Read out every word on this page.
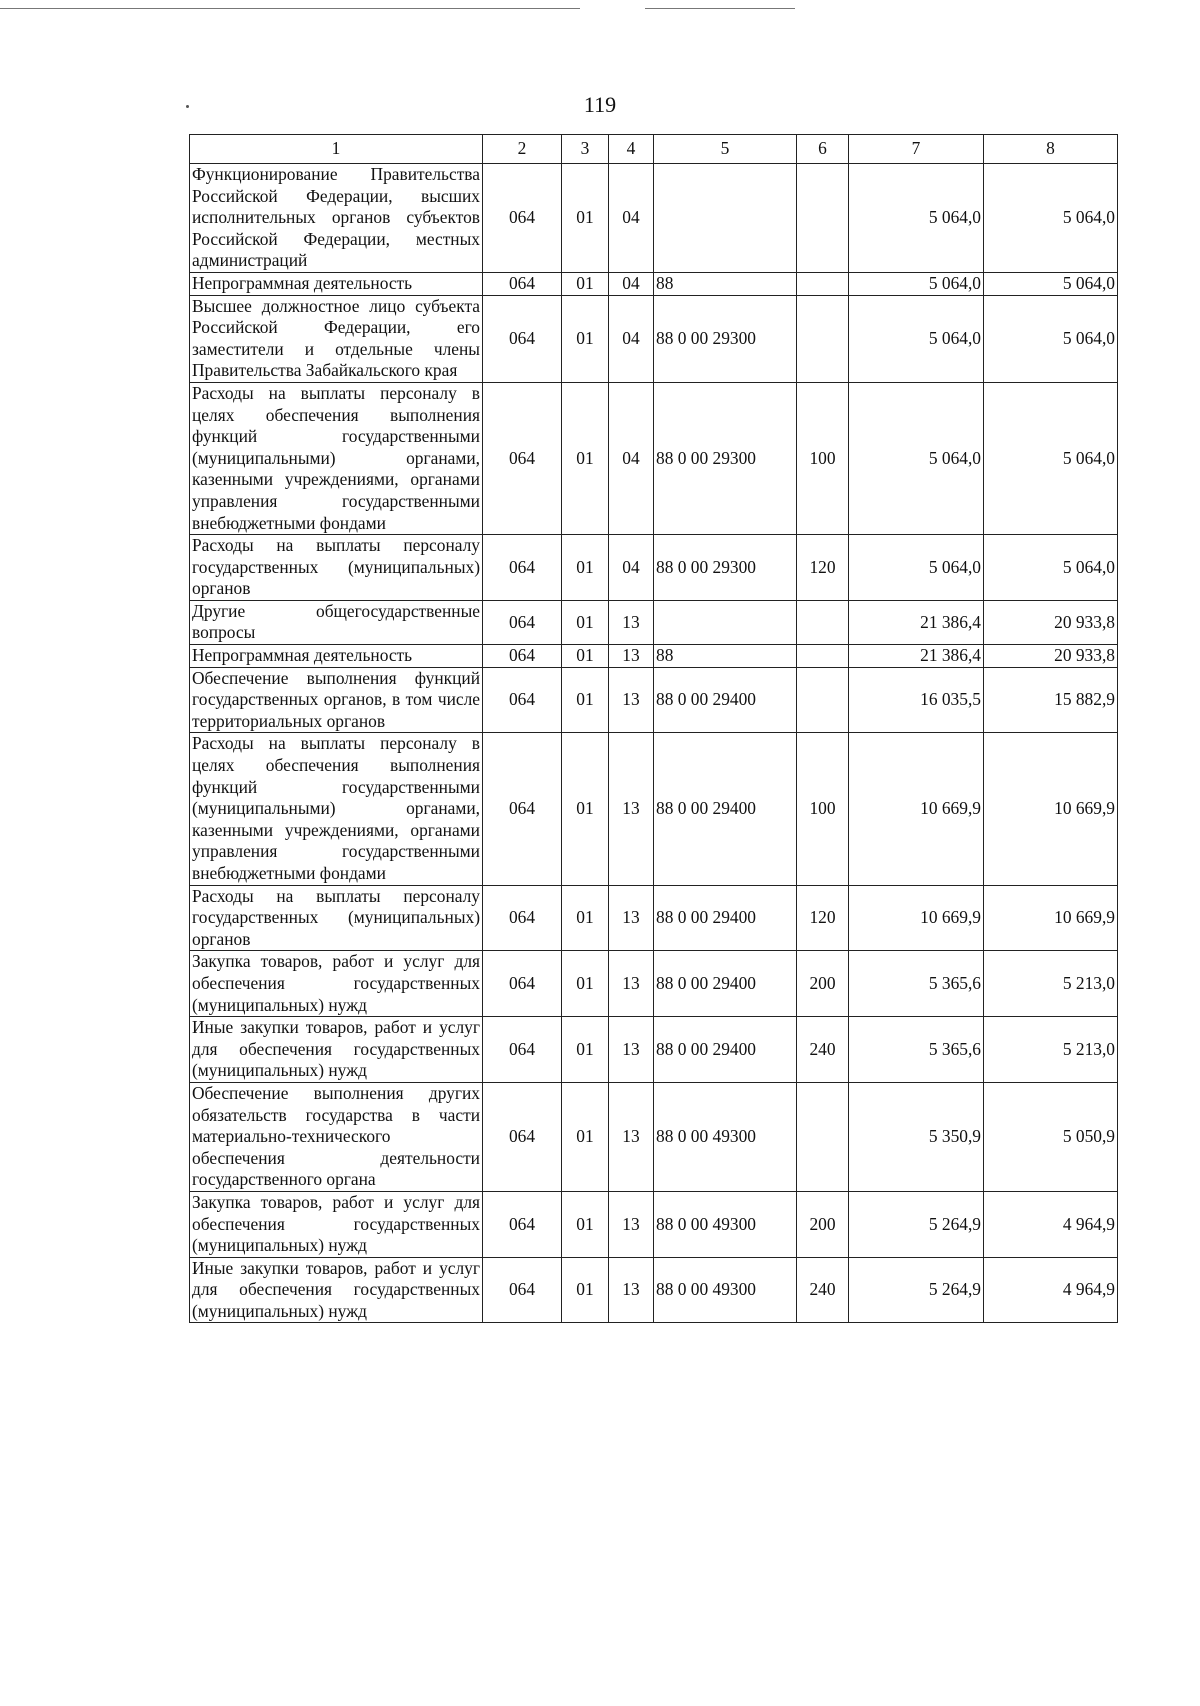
119
1	2	3	4	5	6	7	8
Функционирование Правительства Российской Федерации, высших исполнительных органов субъектов Российской Федерации, местных администраций	064	01	04			5 064,0	5 064,0
Непрограммная деятельность	064	01	04	88		5 064,0	5 064,0
Высшее должностное лицо субъекта Российской Федерации, его заместители и отдельные члены Правительства Забайкальского края	064	01	04	88 0 00 29300		5 064,0	5 064,0
Расходы на выплаты персоналу в целях обеспечения выполнения функций государственными (муниципальными) органами, казенными учреждениями, органами управления государственными внебюджетными фондами	064	01	04	88 0 00 29300	100	5 064,0	5 064,0
Расходы на выплаты персоналу государственных (муниципальных) органов	064	01	04	88 0 00 29300	120	5 064,0	5 064,0
Другие общегосударственные вопросы	064	01	13			21 386,4	20 933,8
Непрограммная деятельность	064	01	13	88		21 386,4	20 933,8
Обеспечение выполнения функций государственных органов, в том числе территориальных органов	064	01	13	88 0 00 29400		16 035,5	15 882,9
Расходы на выплаты персоналу в целях обеспечения выполнения функций государственными (муниципальными) органами, казенными учреждениями, органами управления государственными внебюджетными фондами	064	01	13	88 0 00 29400	100	10 669,9	10 669,9
Расходы на выплаты персоналу государственных (муниципальных) органов	064	01	13	88 0 00 29400	120	10 669,9	10 669,9
Закупка товаров, работ и услуг для обеспечения государственных (муниципальных) нужд	064	01	13	88 0 00 29400	200	5 365,6	5 213,0
Иные закупки товаров, работ и услуг для обеспечения государственных (муниципальных) нужд	064	01	13	88 0 00 29400	240	5 365,6	5 213,0
Обеспечение выполнения других обязательств государства в части материально-технического обеспечения деятельности государственного органа	064	01	13	88 0 00 49300		5 350,9	5 050,9
Закупка товаров, работ и услуг для обеспечения государственных (муниципальных) нужд	064	01	13	88 0 00 49300	200	5 264,9	4 964,9
Иные закупки товаров, работ и услуг для обеспечения государственных (муниципальных) нужд	064	01	13	88 0 00 49300	240	5 264,9	4 964,9
